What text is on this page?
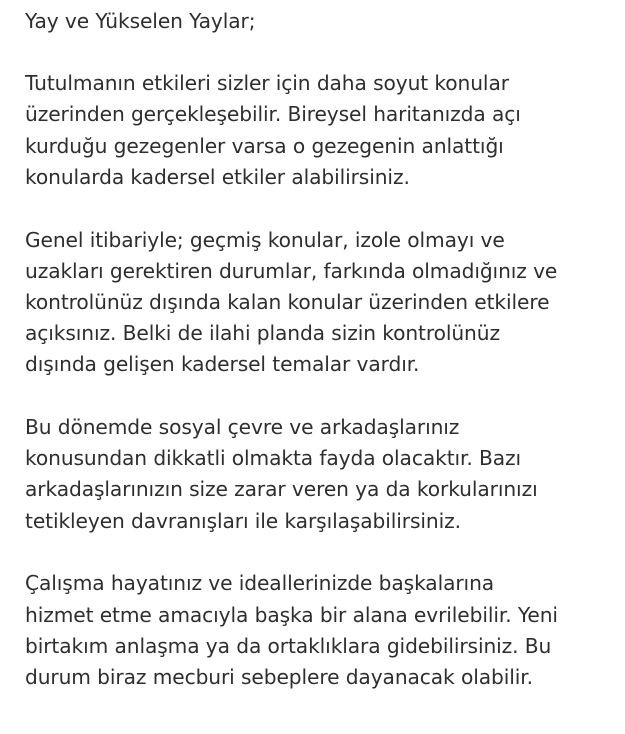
Yay ve Yükselen Yaylar;
Tutulmanın etkileri sizler için daha soyut konular
üzerinden gerçekleşebilir. Bireysel haritanızda açı
kurduğu gezegenler varsa o gezegenin anlattığı
konularda kadersel etkiler alabilirsiniz.
Genel itibariyle; geçmiş konular, izole olmayı ve
uzakları gerektiren durumlar, farkında olmadığınız ve
kontrolünüz dışında kalan konular üzerinden etkilere
açıksınız. Belki de ilahi planda sizin kontrolünüz
dışında gelişen kadersel temalar vardır.
Bu dönemde sosyal çevre ve arkadaşlarınız
konusundan dikkatli olmakta fayda olacaktır. Bazı
arkadaşlarınızın size zarar veren ya da korkularınızı
tetikleyen davranışları ile karşılaşabilirsiniz.
Çalışma hayatınız ve ideallerinizde başkalarına
hizmet etme amacıyla başka bir alana evrilebilir. Yeni
birtakım anlaşma ya da ortaklıklara gidebilirsiniz. Bu
durum biraz mecburi sebeplere dayanacak olabilir.
